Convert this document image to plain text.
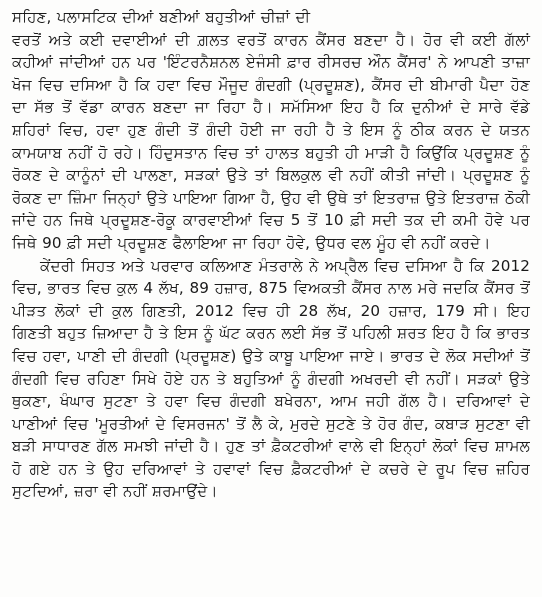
ਸਹਿਣ, ਪਲਾਸਟਿਕ ਦੀਆਂ ਬਣੀਆਂ ਬਹੁਤੀਆਂ ਚੀਜ਼ਾਂ ਦੀ

ਵਰਤੋਂ ਅਤੇ ਕਈ ਦਵਾਈਆਂ ਦੀ ਗ਼ਲਤ ਵਰਤੋਂ ਕਾਰਨ ਕੈਂਸਰ ਬਣਦਾ ਹੈ। ਹੋਰ ਵੀ ਕਈ ਗੱਲਾਂ ਕਹੀਆਂ ਜਾਂਦੀਆਂ ਹਨ ਪਰ 'ਇੰਟਰਨੈਸ਼ਨਲ ਏਜੰਸੀ ਫ਼ਾਰ ਰੀਸਰਚ ਔਨ ਕੈਂਸਰ' ਨੇ ਆਪਣੀ ਤਾਜ਼ਾ ਖੋਜ ਵਿਚ ਦਸਿਆ ਹੈ ਕਿ ਹਵਾ ਵਿਚ ਮੌਜੂਦ ਗੰਦਗੀ (ਪ੍ਰਦੂਸ਼ਣ), ਕੈਂਸਰ ਦੀ ਬੀਮਾਰੀ ਪੈਦਾ ਹੋਣ ਦਾ ਸੱਭ ਤੋਂ ਵੱਡਾ ਕਾਰਨ ਬਣਦਾ ਜਾ ਰਿਹਾ ਹੈ। ਸਮੱਸਿਆ ਇਹ ਹੈ ਕਿ ਦੁਨੀਆਂ ਦੇ ਸਾਰੇ ਵੱਡੇ ਸ਼ਹਿਰਾਂ ਵਿਚ, ਹਵਾ ਹੁਣ ਗੰਦੀ ਤੋਂ ਗੰਦੀ ਹੋਈ ਜਾ ਰਹੀ ਹੈ ਤੇ ਇਸ ਨੂੰ ਠੀਕ ਕਰਨ ਦੇ ਯਤਨ ਕਾਮਯਾਬ ਨਹੀਂ ਹੋ ਰਹੇ। ਹਿੰਦੁਸਤਾਨ ਵਿਚ ਤਾਂ ਹਾਲਤ ਬਹੁਤੀ ਹੀ ਮਾੜੀ ਹੈ ਕਿਉਂਕਿ ਪ੍ਰਦੂਸ਼ਣ ਨੂੰ ਰੋਕਣ ਦੇ ਕਾਨੂੰਨਾਂ ਦੀ ਪਾਲਣਾ, ਸੜਕਾਂ ਉਤੇ ਤਾਂ ਬਿਲਕੁਲ ਵੀ ਨਹੀਂ ਕੀਤੀ ਜਾਂਦੀ। ਪ੍ਰਦੂਸ਼ਣ ਨੂੰ ਰੋਕਣ ਦਾ ਜ਼ਿੰਮਾ ਜਿਨ੍ਹਾਂ ਉਤੇ ਪਾਇਆ ਗਿਆ ਹੈ, ਉਹ ਵੀ ਉਥੇ ਤਾਂ ਇਤਰਾਜ਼ ਉਤੇ ਇਤਰਾਜ਼ ਠੋਕੀ ਜਾਂਦੇ ਹਨ ਜਿਥੇ ਪ੍ਰਦੂਸ਼ਣ-ਰੋਕੂ ਕਾਰਵਾਈਆਂ ਵਿਚ 5 ਤੋਂ 10 ਫ਼ੀ ਸਦੀ ਤਕ ਦੀ ਕਮੀ ਹੋਵੇ ਪਰ ਜਿਥੇ 90 ਫ਼ੀ ਸਦੀ ਪ੍ਰਦੂਸ਼ਣ ਫੈਲਾਇਆ ਜਾ ਰਿਹਾ ਹੋਵੇ, ਉਧਰ ਵਲ ਮੂੰਹ ਵੀ ਨਹੀਂ ਕਰਦੇ।

ਕੇਂਦਰੀ ਸਿਹਤ ਅਤੇ ਪਰਵਾਰ ਕਲਿਆਣ ਮੰਤਰਾਲੇ ਨੇ ਅਪ੍ਰੈਲ ਵਿਚ ਦਸਿਆ ਹੈ ਕਿ 2012 ਵਿਚ, ਭਾਰਤ ਵਿਚ ਕੁਲ 4 ਲੱਖ, 89 ਹਜ਼ਾਰ, 875 ਵਿਅਕਤੀ ਕੈਂਸਰ ਨਾਲ ਮਰੇ ਜਦਕਿ ਕੈਂਸਰ ਤੋਂ ਪੀੜਤ ਲੋਕਾਂ ਦੀ ਕੁਲ ਗਿਣਤੀ, 2012 ਵਿਚ ਹੀ 28 ਲੱਖ, 20 ਹਜ਼ਾਰ, 179 ਸੀ। ਇਹ ਗਿਣਤੀ ਬਹੁਤ ਜ਼ਿਆਦਾ ਹੈ ਤੇ ਇਸ ਨੂੰ ਘੱਟ ਕਰਨ ਲਈ ਸੱਭ ਤੋਂ ਪਹਿਲੀ ਸ਼ਰਤ ਇਹ ਹੈ ਕਿ ਭਾਰਤ ਵਿਚ ਹਵਾ, ਪਾਣੀ ਦੀ ਗੰਦਗੀ (ਪ੍ਰਦੂਸ਼ਣ) ਉਤੇ ਕਾਬੂ ਪਾਇਆ ਜਾਏ। ਭਾਰਤ ਦੇ ਲੋਕ ਸਦੀਆਂ ਤੋਂ ਗੰਦਗੀ ਵਿਚ ਰਹਿਣਾ ਸਿਖੇ ਹੋਏ ਹਨ ਤੇ ਬਹੁਤਿਆਂ ਨੂੰ ਗੰਦਗੀ ਅਖਰਦੀ ਵੀ ਨਹੀਂ। ਸੜਕਾਂ ਉਤੇ ਥੁਕਣਾ, ਖੰਘਾਰ ਸੁਟਣਾ ਤੇ ਹਵਾ ਵਿਚ ਗੰਦਗੀ ਬਖੇਰਨਾ, ਆਮ ਜਹੀ ਗੱਲ ਹੈ। ਦਰਿਆਵਾਂ ਦੇ ਪਾਣੀਆਂ ਵਿਚ 'ਮੂਰਤੀਆਂ ਦੇ ਵਿਸਰਜਨ' ਤੋਂ ਲੈ ਕੇ, ਮੁਰਦੇ ਸੁਟਣੇ ਤੇ ਹੋਰ ਗੰਦ, ਕਬਾੜ ਸੁਟਣਾ ਵੀ ਬੜੀ ਸਾਧਾਰਣ ਗੱਲ ਸਮਝੀ ਜਾਂਦੀ ਹੈ। ਹੁਣ ਤਾਂ ਫ਼ੈਕਟਰੀਆਂ ਵਾਲੇ ਵੀ ਇਨ੍ਹਾਂ ਲੋਕਾਂ ਵਿਚ ਸ਼ਾਮਲ ਹੋ ਗਏ ਹਨ ਤੇ ਉਹ ਦਰਿਆਵਾਂ ਤੇ ਹਵਾਵਾਂ ਵਿਚ ਫ਼ੈਕਟਰੀਆਂ ਦੇ ਕਚਰੇ ਦੇ ਰੂਪ ਵਿਚ ਜ਼ਹਿਰ ਸੁਟਦਿਆਂ, ਜ਼ਰਾ ਵੀ ਨਹੀਂ ਸ਼ਰਮਾਉਂਦੇ।
